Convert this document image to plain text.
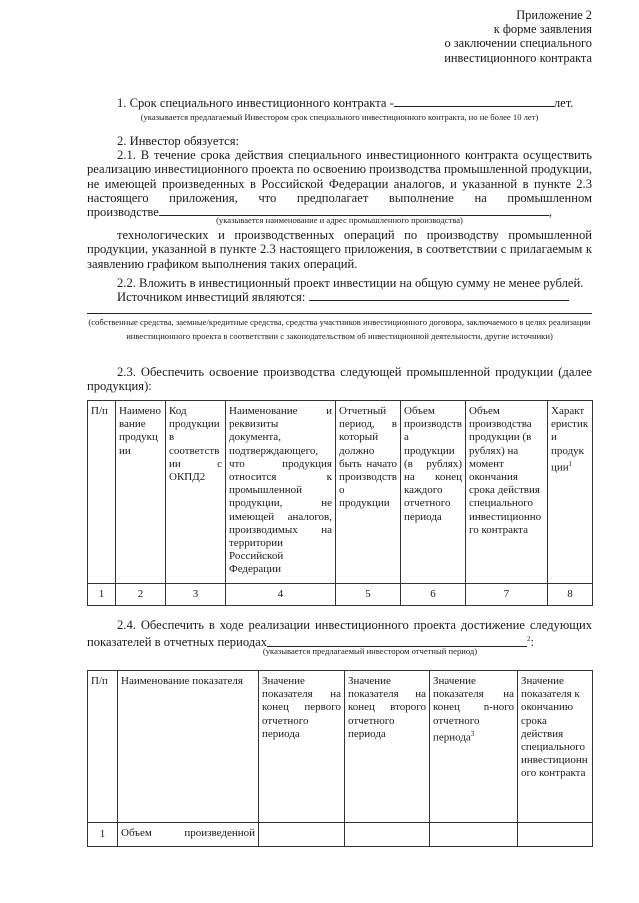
Приложение 2
к форме заявления
о заключении специального
инвестиционного контракта
1. Срок специального инвестиционного контракта -	лет.
(указывается предлагаемый Инвестором срок специального инвестиционного контракта, но не более 10 лет)
2. Инвестор обязуется:
2.1. В течение срока действия специального инвестиционного контракта осуществить реализацию инвестиционного проекта по освоению производства промышленной продукции, не имеющей произведенных в Российской Федерации аналогов, и указанной в пункте 2.3 настоящего приложения, что предполагает выполнение на промышленном
производстве	,
(указывается наименование и адрес промышленного производства)
технологических и производственных операций по производству промышленной продукции, указанной в пункте 2.3 настоящего приложения, в соответствии с прилагаемым к заявлению графиком выполнения таких операций.
2.2. Вложить в инвестиционный проект инвестиции на общую сумму не менее рублей.
Источником инвестиций являются:
(собственные средства, заемные/кредитные средства, средства участников инвестиционного договора, заключаемого в целях реализации инвестиционного проекта в соответствии с законодательством об инвестиционной деятельности, другие источники)
2.3. Обеспечить освоение производства следующей промышленной продукции (далее продукция):
П/п	Наименование продукции	Код продукции в соответствии с ОКПД2	Наименование и реквизиты документа, подтверждающего, что продукция относится к промышленной продукции, не имеющей аналогов, производимых на территории Российской Федерации	Отчетный период, в который должно быть начато производство продукции	Объем производства продукции (в рублях) на конец каждого отчетного периода	Объем производства продукции (в рублях) на момент окончания срока действия специального инвестиционного контракта	Характеристики продукции$^1$
1	2	3	4	5	6	7	8
2.4. Обеспечить в ходе реализации инвестиционного проекта достижение следующих показателей в отчетных периодах	$^2$:
(указывается предлагаемый инвестором отчетный период)
П/п	Наименование показателя	Значение показателя на конец первого отчетного периода	Значение показателя на конец второго отчетного периода	Значение показателя на конец n-ного отчетного периода$^3$	Значение показателя к окончанию срока действия специального инвестиционного контракта
1	Объем произведенной				
